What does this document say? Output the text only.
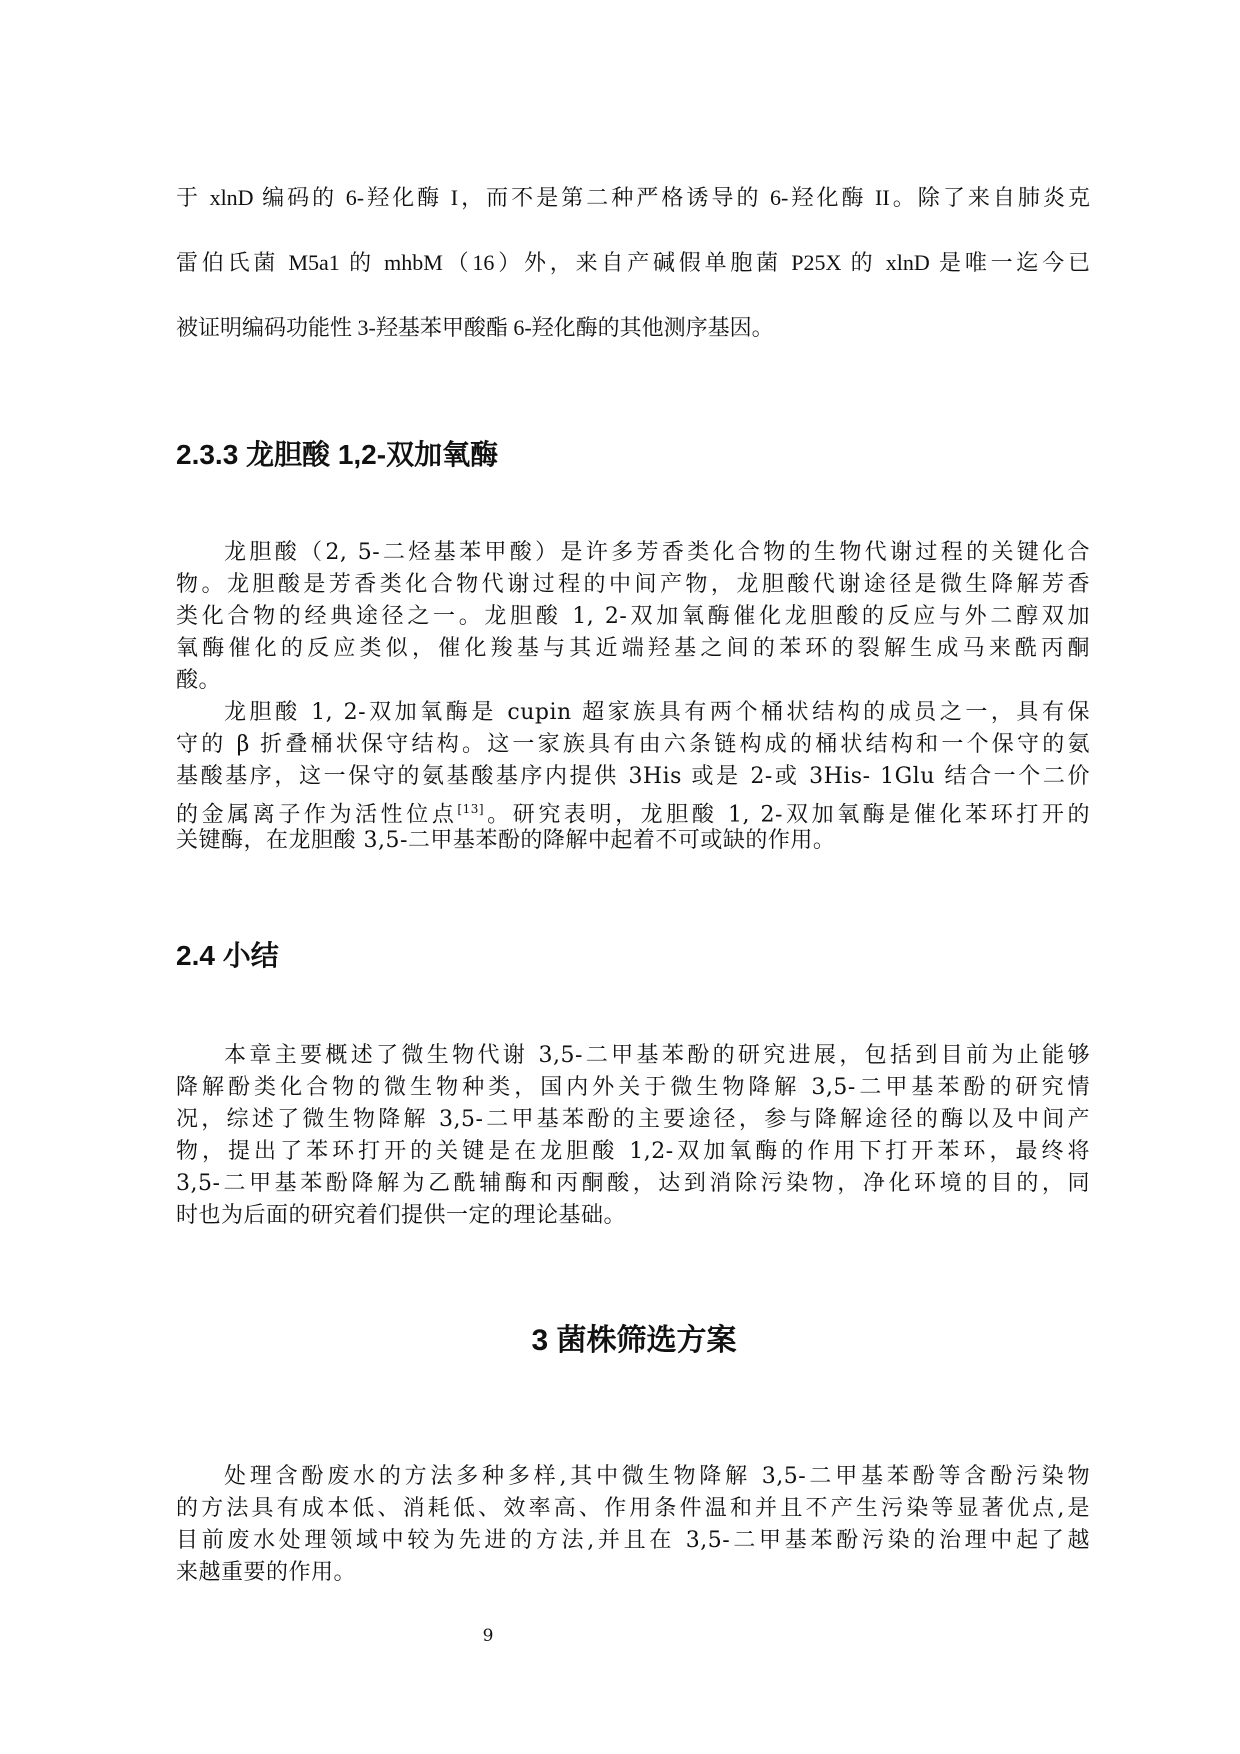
于 xlnD 编码的 6-羟化酶 I，而不是第二种严格诱导的 6-羟化酶 II。除了来自肺炎克
雷伯氏菌 M5a1 的 mhbM（16）外，来自产碱假单胞菌 P25X 的 xlnD 是唯一迄今已
被证明编码功能性 3-羟基苯甲酸酯 6-羟化酶的其他测序基因。
2.3.3 龙胆酸 1,2-双加氧酶
龙胆酸（2, 5-二烃基苯甲酸）是许多芳香类化合物的生物代谢过程的关键化合
物。龙胆酸是芳香类化合物代谢过程的中间产物，龙胆酸代谢途径是微生降解芳香
类化合物的经典途径之一。龙胆酸 1, 2-双加氧酶催化龙胆酸的反应与外二醇双加
氧酶催化的反应类似，催化羧基与其近端羟基之间的苯环的裂解生成马来酰丙酮
酸。
龙胆酸 1, 2-双加氧酶是 cupin 超家族具有两个桶状结构的成员之一，具有保
守的 β 折叠桶状保守结构。这一家族具有由六条链构成的桶状结构和一个保守的氨
基酸基序，这一保守的氨基酸基序内提供 3His 或是 2-或 3His- 1Glu 结合一个二价
的金属离子作为活性位点[13]。研究表明，龙胆酸 1, 2-双加氧酶是催化苯环打开的
关键酶，在龙胆酸 3,5-二甲基苯酚的降解中起着不可或缺的作用。
2.4 小结
本章主要概述了微生物代谢 3,5-二甲基苯酚的研究进展，包括到目前为止能够
降解酚类化合物的微生物种类，国内外关于微生物降解 3,5-二甲基苯酚的研究情
况，综述了微生物降解 3,5-二甲基苯酚的主要途径，参与降解途径的酶以及中间产
物，提出了苯环打开的关键是在龙胆酸 1,2-双加氧酶的作用下打开苯环，最终将
3,5-二甲基苯酚降解为乙酰辅酶和丙酮酸，达到消除污染物，净化环境的目的，同
时也为后面的研究着们提供一定的理论基础。
3 菌株筛选方案
处理含酚废水的方法多种多样,其中微生物降解 3,5-二甲基苯酚等含酚污染物
的方法具有成本低、消耗低、效率高、作用条件温和并且不产生污染等显著优点,是
目前废水处理领域中较为先进的方法,并且在 3,5-二甲基苯酚污染的治理中起了越
来越重要的作用。
9
